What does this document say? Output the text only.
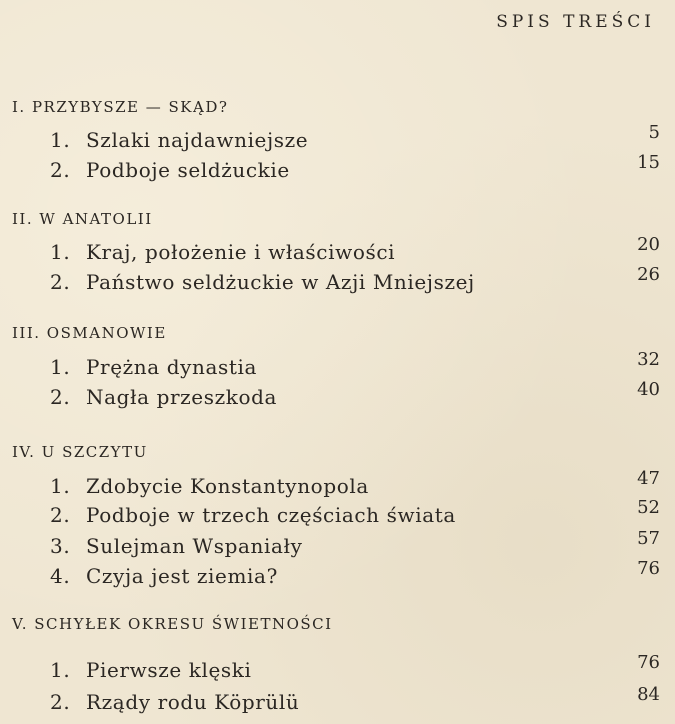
SPIS TREŚCI
I. PRZYBYSZE — SKĄD?
1. Szlaki najdawniejsze	5
2. Podboje seldżuckie	15
II. W ANATOLII
1. Kraj, położenie i właściwości	20
2. Państwo seldżuckie w Azji Mniejszej	26
III. OSMANOWIE
1. Prężna dynastia	32
2. Nagła przeszkoda	40
IV. U SZCZYTU
1. Zdobycie Konstantynopola	47
2. Podboje w trzech częściach świata	52
3. Sulejman Wspaniały	57
4. Czyja jest ziemia?	76
V. SCHYŁEK OKRESU ŚWIETNOŚCI
1. Pierwsze klęski	76
2. Rządy rodu Köprülü	84
